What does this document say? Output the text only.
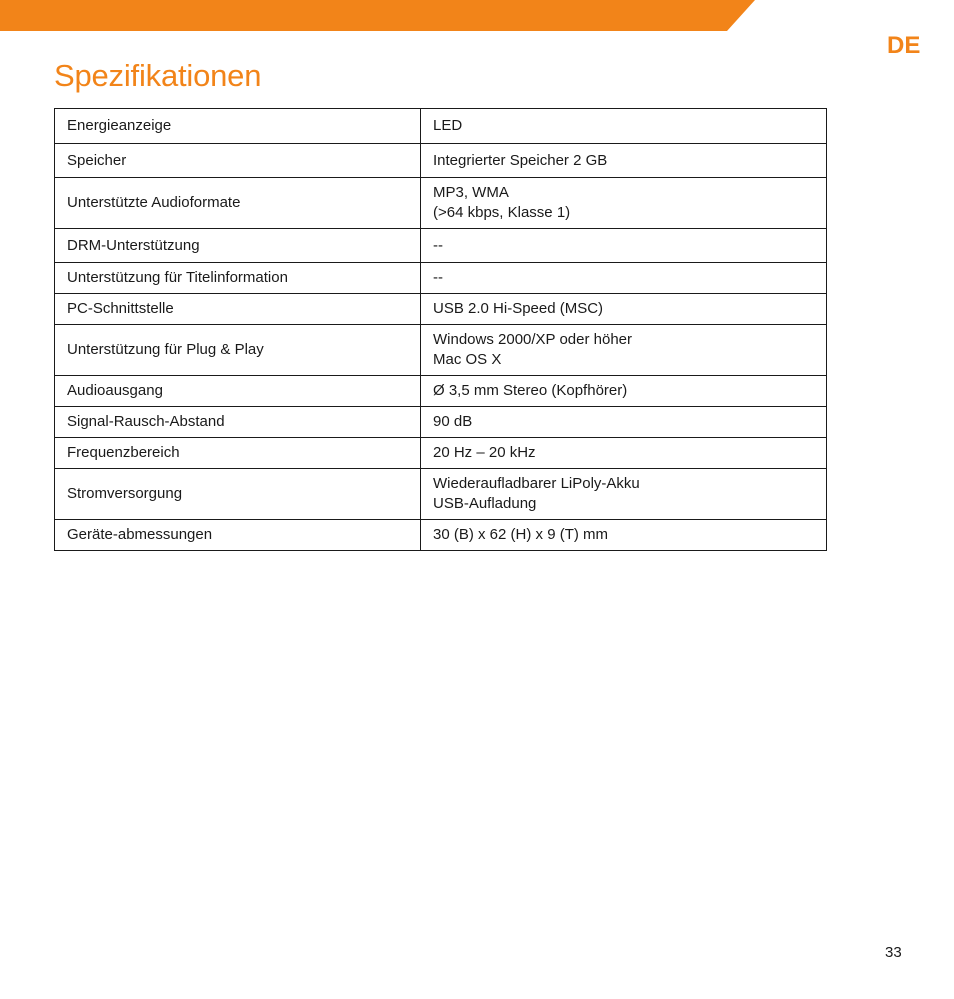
DE
Spezifikationen
Energieanzeige	LED

Speicher	Integrierter Speicher 2 GB

Unterstützte Audioformate	MP3, WMA
(>64 kbps, Klasse 1)

DRM-Unterstützung	--

Unterstützung für Titelinformation	--

PC-Schnittstelle	USB 2.0 Hi-Speed (MSC)

Unterstützung für Plug & Play	Windows 2000/XP oder höher
Mac OS X

Audioausgang	Ø 3,5 mm Stereo (Kopfhörer)

Signal-Rausch-Abstand	90 dB

Frequenzbereich	20 Hz – 20 kHz

Stromversorgung	Wiederaufladbarer LiPoly-Akku
USB-Aufladung

Geräte-abmessungen	30 (B) x 62 (H) x 9 (T) mm
33
